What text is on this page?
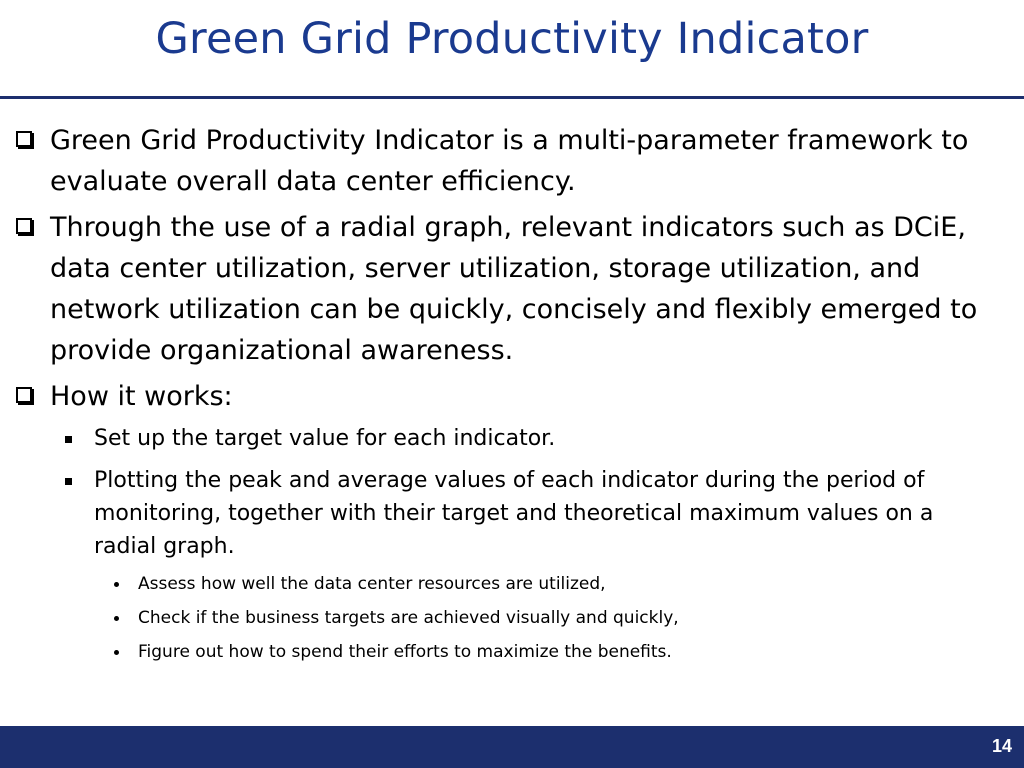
Green Grid Productivity Indicator
Green Grid Productivity Indicator is a multi-parameter framework to evaluate overall data center efficiency.
Through the use of a radial graph, relevant indicators such as DCiE, data center utilization, server utilization, storage utilization, and network utilization can be quickly, concisely and flexibly emerged to provide organizational awareness.
How it works:
Set up the target value for each indicator.
Plotting the peak and average values of each indicator during the period of monitoring, together with their target and theoretical maximum values on a radial graph.
Assess how well the data center resources are utilized,
Check if the business targets are achieved visually and quickly,
Figure out how to spend their efforts to maximize the benefits.
14
